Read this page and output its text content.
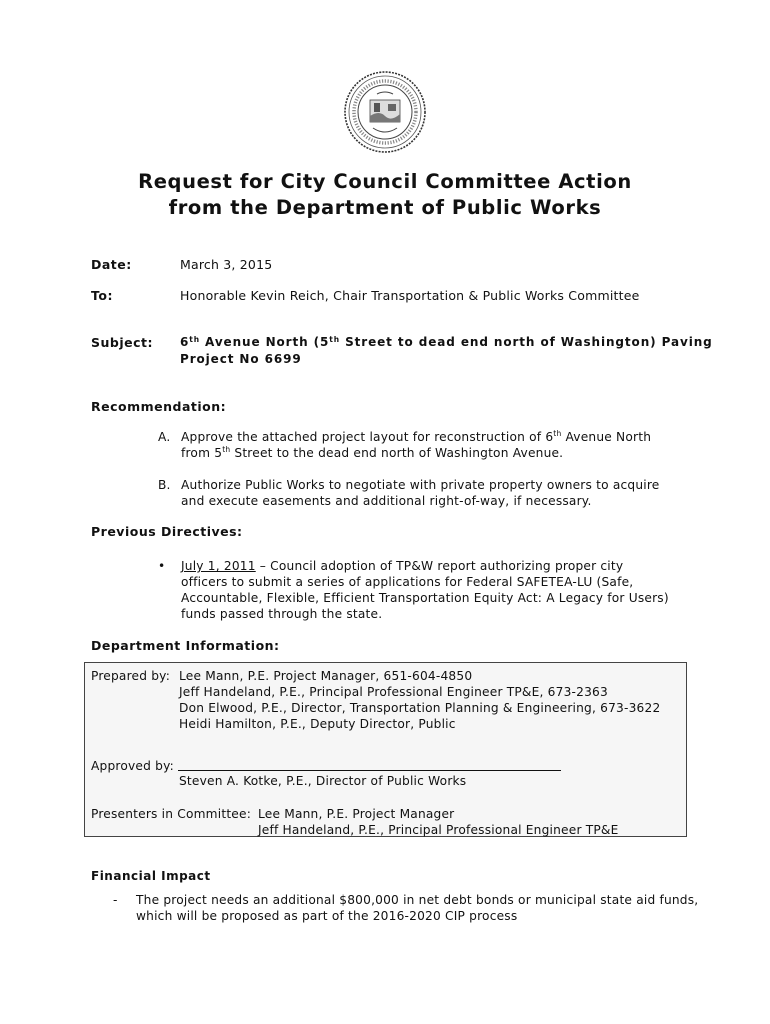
Request for City Council Committee Action
from the Department of Public Works
Date:	March 3, 2015
To:	Honorable Kevin Reich, Chair Transportation & Public Works Committee
Subject: 6th Avenue North (5th Street to dead end north of Washington) Paving
Project No 6699
Recommendation:
A. Approve the attached project layout for reconstruction of 6th Avenue North
from 5th Street to the dead end north of Washington Avenue.
B. Authorize Public Works to negotiate with private property owners to acquire
and execute easements and additional right-of-way, if necessary.
Previous Directives:
• July 1, 2011 – Council adoption of TP&W report authorizing proper city
officers to submit a series of applications for Federal SAFETEA-LU (Safe,
Accountable, Flexible, Efficient Transportation Equity Act: A Legacy for Users)
funds passed through the state.
Department Information:
Prepared by: Lee Mann, P.E. Project Manager, 651-604-4850
Jeff Handeland, P.E., Principal Professional Engineer TP&E, 673-2363
Don Elwood, P.E., Director, Transportation Planning & Engineering, 673-3622
Heidi Hamilton, P.E., Deputy Director, Public
Approved by:
Steven A. Kotke, P.E., Director of Public Works
Presenters in Committee: Lee Mann, P.E. Project Manager
Jeff Handeland, P.E., Principal Professional Engineer TP&E
Financial Impact
- The project needs an additional $800,000 in net debt bonds or municipal state aid funds,
which will be proposed as part of the 2016-2020 CIP process
